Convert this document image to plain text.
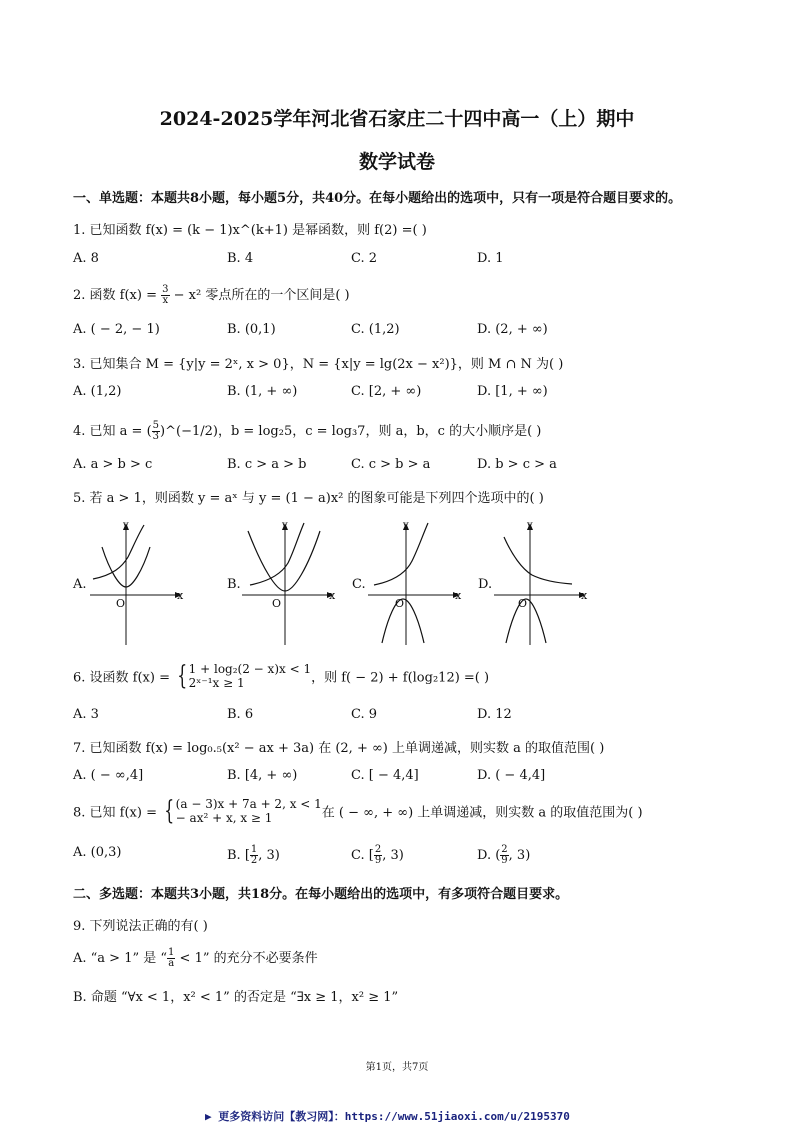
2024-2025学年河北省石家庄二十四中高一（上）期中
数学试卷
一、单选题：本题共8小题，每小题5分，共40分。在每小题给出的选项中，只有一项是符合题目要求的。
1. 已知函数 f(x) = (k − 1)x^(k+1) 是幂函数，则 f(2) =( )
A. 8	B. 4	C. 2	D. 1
2. 函数 $f(x) = \frac{3}{x} - x^2$ 零点所在的一个区间是( )
A. ( − 2, − 1)	B. (0,1)	C. (1,2)	D. (2, + ∞)
3. 已知集合 M = {y|y = 2ˣ, x > 0}，N = {x|y = lg(2x − x²)}，则 M ∩ N 为( )
A. (1,2)	B. (1, + ∞)	C. [2, + ∞)	D. [1, + ∞)
4. 已知 a = ( $\frac{5}{3}$ )^(−1/2)，b = log₂5，c = log₃7，则 a，b，c 的大小顺序是( )
A. a > b > c	B. c > a > b	C. c > b > a	D. b > c > a
5. 若 a > 1，则函数 y = aˣ 与 y = (1 − a)x² 的图象可能是下列四个选项中的( )
A.
O
x
y
B.
O
x
y
C.
O
x
y
D.
O
x
y
6. 设函数 f(x) = { 1 + log₂(2 − x)x < 1
2ˣ⁻¹x ≥ 1	，则 f( − 2) + f(log₂12) =( )
A. 3	B. 6	C. 9	D. 12
7. 已知函数 f(x) = log₀.₅(x² − ax + 3a) 在 (2, + ∞) 上单调递减，则实数 a 的取值范围( )
A. ( − ∞,4]	B. [4, + ∞)	C. [ − 4,4]	D. ( − 4,4]
8. 已知 f(x) = { (a − 3)x + 7a + 2, x < 1
− ax² + x, x ≥ 1	在 ( − ∞, + ∞) 上单调递减，则实数 a 的取值范围为( )
A. (0,3)	B. [ $\frac{1}{2}$ , 3)	C. [ $\frac{2}{9}$ , 3)	D. ( $\frac{2}{9}$ , 3)
二、多选题：本题共3小题，共18分。在每小题给出的选项中，有多项符合题目要求。
9. 下列说法正确的有( )
A. “a > 1” 是 “ $\frac{1}{a} < 1$” 的充分不必要条件
B. 命题 “∀x < 1，x² < 1” 的否定是 “∃x ≥ 1，x² ≥ 1”
第1页，共7页
▶ 更多资料访问【教习网】：https://www.51jiaoxi.com/u/2195370
